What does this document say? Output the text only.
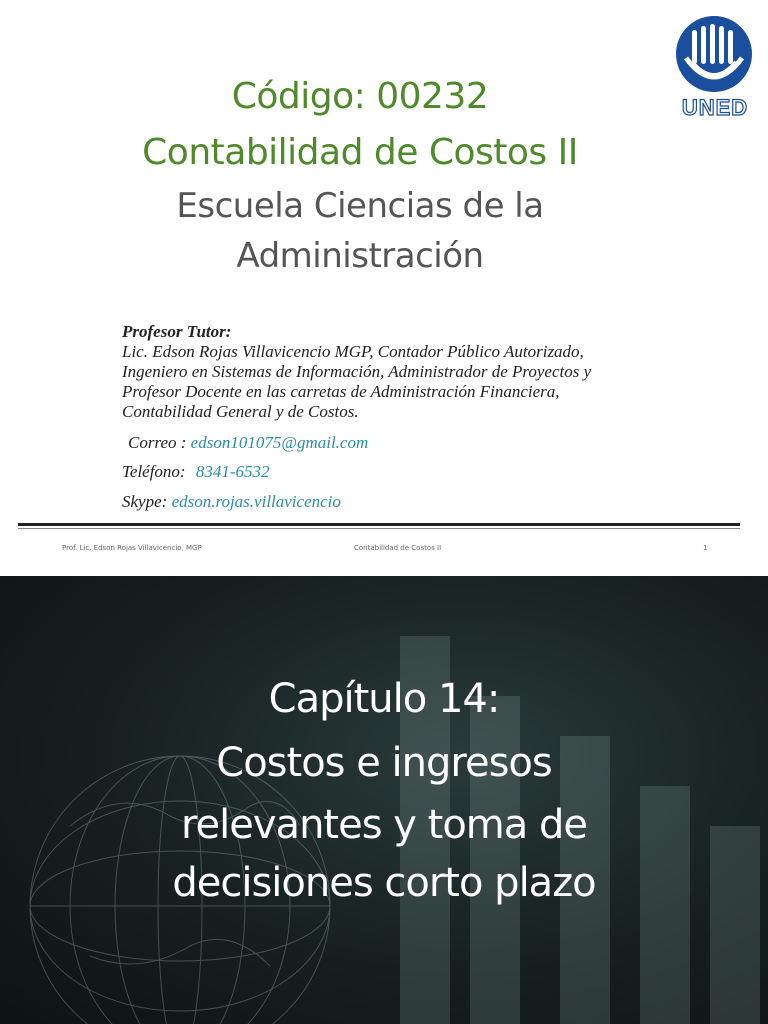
Código: 00232
Contabilidad de Costos II
Escuela Ciencias de la
Administración
UNED
Profesor Tutor:
Lic. Edson Rojas Villavicencio MGP, Contador Público Autorizado,
Ingeniero en Sistemas de Información, Administrador de Proyectos y
Profesor Docente en las carretas de Administración Financiera,
Contabilidad General y de Costos.
Correo : edson101075@gmail.com
Teléfono: 8341-6532
Skype: edson.rojas.villavicencio
Prof. Lic. Edson Rojas Villavicencio, MGP	Contabilidad de Costos II	1
Capítulo 14:
Costos e ingresos
relevantes y toma de
decisiones corto plazo
